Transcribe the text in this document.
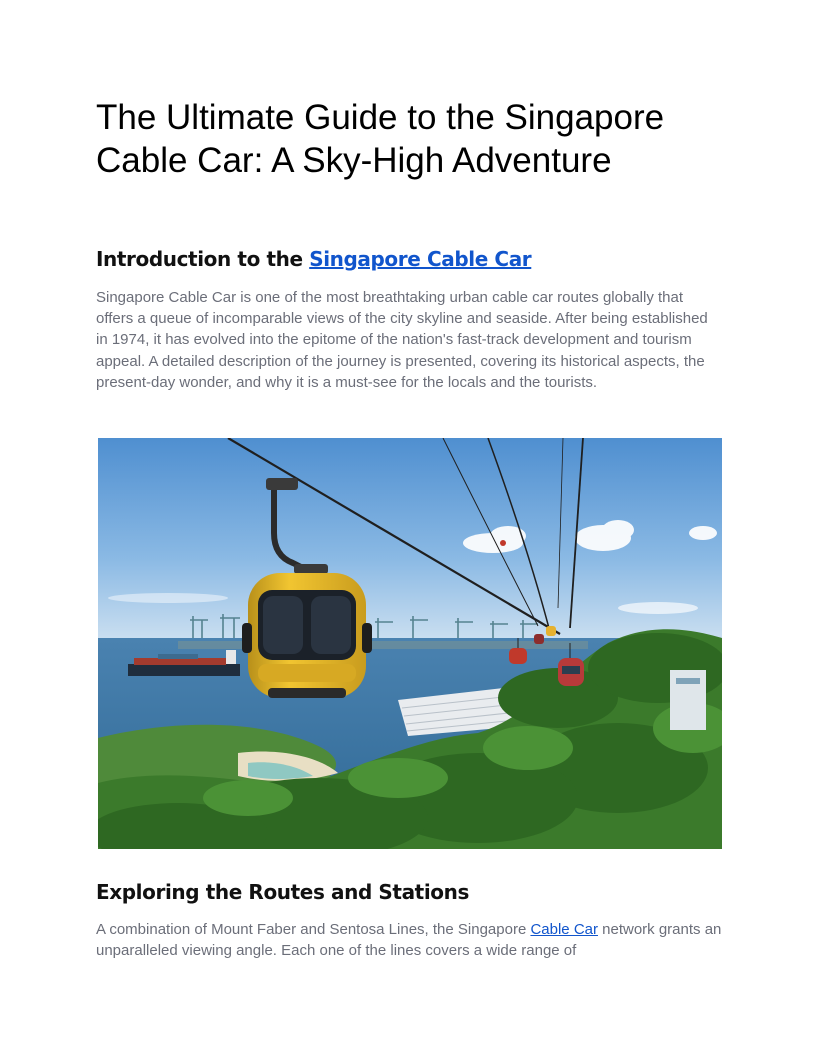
The Ultimate Guide to the Singapore
Cable Car: A Sky-High Adventure
Introduction to the Singapore Cable Car

Singapore Cable Car is one of the most breathtaking urban cable car routes globally that offers a queue of incomparable views of the city skyline and seaside. After being established in 1974, it has evolved into the epitome of the nation's fast-track development and tourism appeal. A detailed description of the journey is presented, covering its historical aspects, the present-day wonder, and why it is a must-see for the locals and the tourists.

Exploring the Routes and Stations

A combination of Mount Faber and Sentosa Lines, the Singapore Cable Car network grants an unparalleled viewing angle. Each one of the lines covers a wide range of
